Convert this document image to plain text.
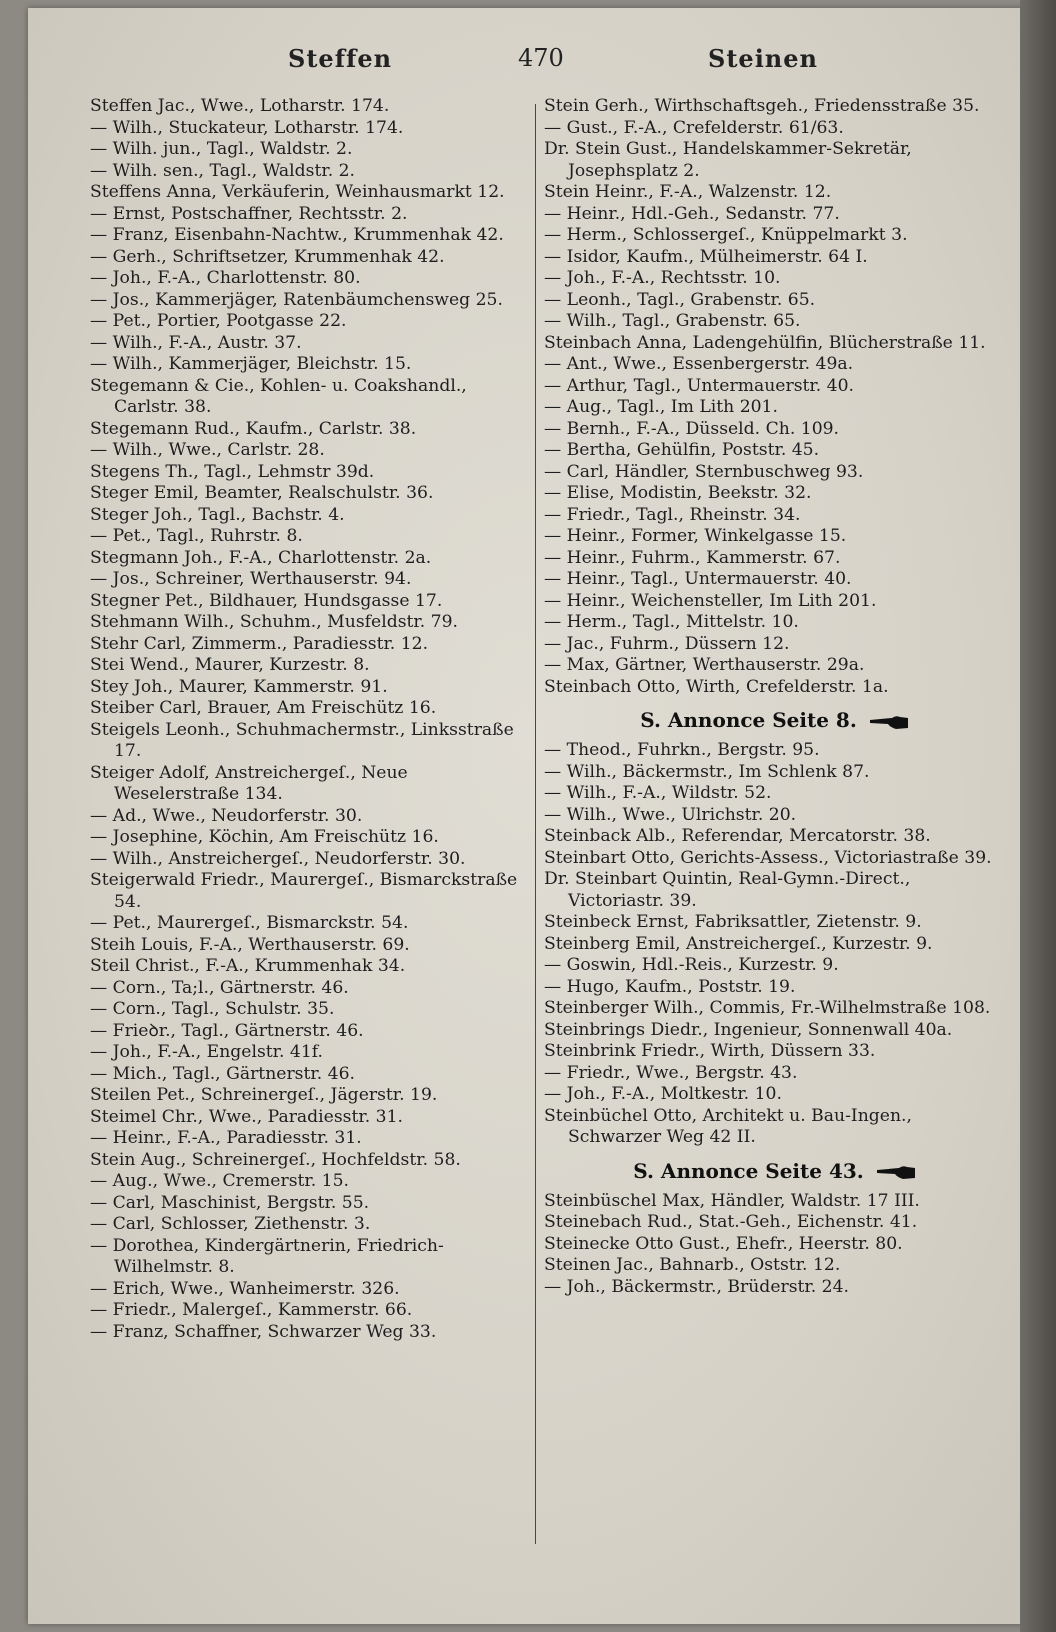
Steffen	470	Steinen

Steffen Jac., Wwe., Lotharstr. 174.

— Wilh., Stuckateur, Lotharstr. 174.

— Wilh. jun., Tagl., Waldstr. 2.

— Wilh. sen., Tagl., Waldstr. 2.

Steffens Anna, Verkäuferin, Weinhausmarkt 12.

— Ernst, Postschaffner, Rechtsstr. 2.

— Franz, Eisenbahn-Nachtw., Krummenhak 42.

— Gerh., Schriftsetzer, Krummenhak 42.

— Joh., F.-A., Charlottenstr. 80.

— Jos., Kammerjäger, Ratenbäumchensweg 25.

— Pet., Portier, Pootgasse 22.

— Wilh., F.-A., Austr. 37.

— Wilh., Kammerjäger, Bleichstr. 15.

Stegemann & Cie., Kohlen- u. Coakshandl., Carlstr. 38.

Stegemann Rud., Kaufm., Carlstr. 38.

— Wilh., Wwe., Carlstr. 28.

Stegens Th., Tagl., Lehmstr 39d.

Steger Emil, Beamter, Realschulstr. 36.

Steger Joh., Tagl., Bachstr. 4.

— Pet., Tagl., Ruhrstr. 8.

Stegmann Joh., F.-A., Charlottenstr. 2a.

— Jos., Schreiner, Werthauserstr. 94.

Stegner Pet., Bildhauer, Hundsgasse 17.

Stehmann Wilh., Schuhm., Musfeldstr. 79.

Stehr Carl, Zimmerm., Paradiesstr. 12.

Stei Wend., Maurer, Kurzestr. 8.

Stey Joh., Maurer, Kammerstr. 91.

Steiber Carl, Brauer, Am Freischütz 16.

Steigels Leonh., Schuhmachermstr., Linksstraße 17.

Steiger Adolf, Anstreichergeſ., Neue Weselerstraße 134.

— Ad., Wwe., Neudorferstr. 30.

— Josephine, Köchin, Am Freischütz 16.

— Wilh., Anstreichergeſ., Neudorferstr. 30.

Steigerwald Friedr., Maurergeſ., Bismarckstraße 54.

— Pet., Maurergeſ., Bismarckstr. 54.

Steih Louis, F.-A., Werthauserstr. 69.

Steil Christ., F.-A., Krummenhak 34.

— Corn., Ta;l., Gärtnerstr. 46.

— Corn., Tagl., Schulstr. 35.

— Frieꝺr., Tagl., Gärtnerstr. 46.

— Joh., F.-A., Engelstr. 41f.

— Mich., Tagl., Gärtnerstr. 46.

Steilen Pet., Schreinergeſ., Jägerstr. 19.

Steimel Chr., Wwe., Paradiesstr. 31.

— Heinr., F.-A., Paradiesstr. 31.

Stein Aug., Schreinergeſ., Hochfeldstr. 58.

— Aug., Wwe., Cremerstr. 15.

— Carl, Maschinist, Bergstr. 55.

— Carl, Schlosser, Ziethenstr. 3.

— Dorothea, Kindergärtnerin, Friedrich-Wilhelmstr. 8.

— Erich, Wwe., Wanheimerstr. 326.

— Friedr., Malergeſ., Kammerstr. 66.

— Franz, Schaffner, Schwarzer Weg 33.

Stein Gerh., Wirthschaftsgeh., Friedensstraße 35.

— Gust., F.-A., Crefelderstr. 61/63.

Dr. Stein Gust., Handelskammer-Sekretär, Josephsplatz 2.

Stein Heinr., F.-A., Walzenstr. 12.

— Heinr., Hdl.-Geh., Sedanstr. 77.

— Herm., Schlossergeſ., Knüppelmarkt 3.

— Isidor, Kaufm., Mülheimerstr. 64 I.

— Joh., F.-A., Rechtsstr. 10.

— Leonh., Tagl., Grabenstr. 65.

— Wilh., Tagl., Grabenstr. 65.

Steinbach Anna, Ladengehülfin, Blücherstraße 11.

— Ant., Wwe., Essenbergerstr. 49a.

— Arthur, Tagl., Untermauerstr. 40.

— Aug., Tagl., Im Lith 201.

— Bernh., F.-A., Düsseld. Ch. 109.

— Bertha, Gehülfin, Poststr. 45.

— Carl, Händler, Sternbuschweg 93.

— Elise, Modistin, Beekstr. 32.

— Friedr., Tagl., Rheinstr. 34.

— Heinr., Former, Winkelgasse 15.

— Heinr., Fuhrm., Kammerstr. 67.

— Heinr., Tagl., Untermauerstr. 40.

— Heinr., Weichensteller, Im Lith 201.

— Herm., Tagl., Mittelstr. 10.

— Jac., Fuhrm., Düssern 12.

— Max, Gärtner, Werthauserstr. 29a.

Steinbach Otto, Wirth, Crefelderstr. 1a.

S. Annonce Seite 8.

— Theod., Fuhrkn., Bergstr. 95.

— Wilh., Bäckermstr., Im Schlenk 87.

— Wilh., F.-A., Wildstr. 52.

— Wilh., Wwe., Ulrichstr. 20.

Steinback Alb., Referendar, Mercatorstr. 38.

Steinbart Otto, Gerichts-Assess., Victoriastraße 39.

Dr. Steinbart Quintin, Real-Gymn.-Direct., Victoriastr. 39.

Steinbeck Ernst, Fabriksattler, Zietenstr. 9.

Steinberg Emil, Anstreichergeſ., Kurzestr. 9.

— Goswin, Hdl.-Reis., Kurzestr. 9.

— Hugo, Kaufm., Poststr. 19.

Steinberger Wilh., Commis, Fr.-Wilhelmstraße 108.

Steinbrings Diedr., Ingenieur, Sonnenwall 40a.

Steinbrink Friedr., Wirth, Düssern 33.

— Friedr., Wwe., Bergstr. 43.

— Joh., F.-A., Moltkestr. 10.

Steinbüchel Otto, Architekt u. Bau-Ingen., Schwarzer Weg 42 II.

S. Annonce Seite 43.

Steinbüschel Max, Händler, Waldstr. 17 III.

Steinebach Rud., Stat.-Geh., Eichenstr. 41.

Steinecke Otto Gust., Ehefr., Heerstr. 80.

Steinen Jac., Bahnarb., Oststr. 12.

— Joh., Bäckermstr., Brüderstr. 24.
